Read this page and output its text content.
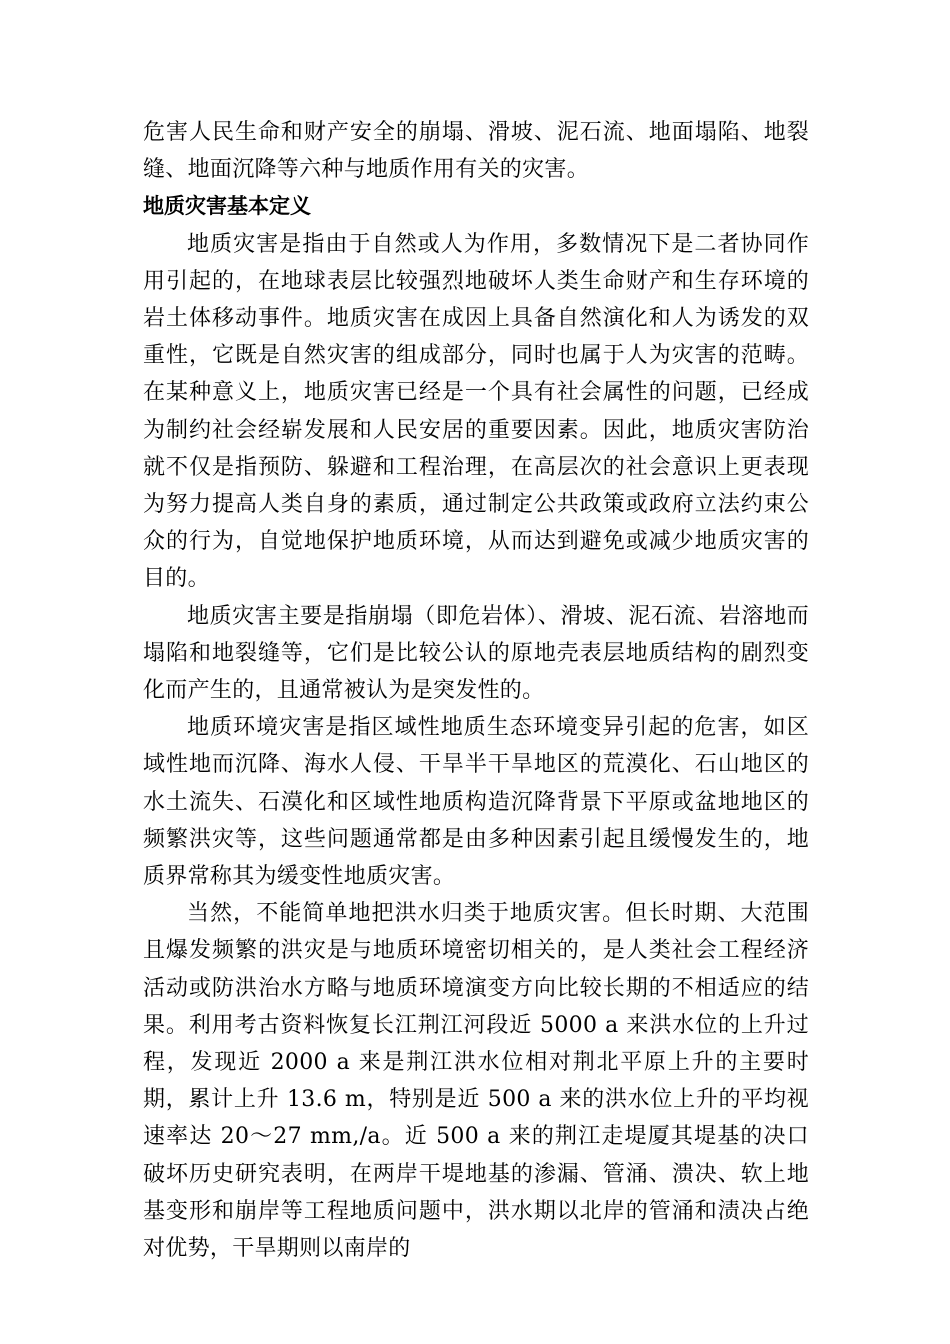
危害人民生命和财产安全的崩塌、滑坡、泥石流、地面塌陷、地裂缝、地面沉降等六种与地质作用有关的灾害。

地质灾害基本定义

地质灾害是指由于自然或人为作用，多数情况下是二者协同作用引起的，在地球表层比较强烈地破坏人类生命财产和生存环境的岩土体移动事件。地质灾害在成因上具备自然演化和人为诱发的双重性，它既是自然灾害的组成部分，同时也属于人为灾害的范畴。在某种意义上，地质灾害已经是一个具有社会属性的问题，已经成为制约社会经崭发展和人民安居的重要因素。因此，地质灾害防治就不仅是指预防、躲避和工程治理，在高层次的社会意识上更表现为努力提高人类自身的素质，通过制定公共政策或政府立法约束公众的行为，自觉地保护地质环境，从而达到避免或减少地质灾害的目的。

地质灾害主要是指崩塌（即危岩体）、滑坡、泥石流、岩溶地而塌陷和地裂缝等，它们是比较公认的原地壳表层地质结构的剧烈变化而产生的，且通常被认为是突发性的。

地质环境灾害是指区域性地质生态环境变异引起的危害，如区域性地而沉降、海水人侵、干旱半干旱地区的荒漠化、石山地区的水土流失、石漠化和区域性地质构造沉降背景下平原或盆地地区的频繁洪灾等，这些问题通常都是由多种因素引起且缓慢发生的，地质界常称其为缓变性地质灾害。

当然，不能简单地把洪水归类于地质灾害。但长时期、大范围且爆发频繁的洪灾是与地质环境密切相关的，是人类社会工程经济活动或防洪治水方略与地质环境演变方向比较长期的不相适应的结果。利用考古资料恢复长江荆江河段近 5000 a 来洪水位的上升过程，发现近 2000 a 来是荆江洪水位相对荆北平原上升的主要时期，累计上升 13.6 m，特别是近 500 a 来的洪水位上升的平均视速率达 20～27 mm,/a。近 500 a 来的荆江走堤厦其堤基的决口破坏历史研究表明，在两岸干堤地基的渗漏、管涌、溃决、软上地基变形和崩岸等工程地质问题中，洪水期以北岸的管涌和渍决占绝对优势，干旱期则以南岸的
